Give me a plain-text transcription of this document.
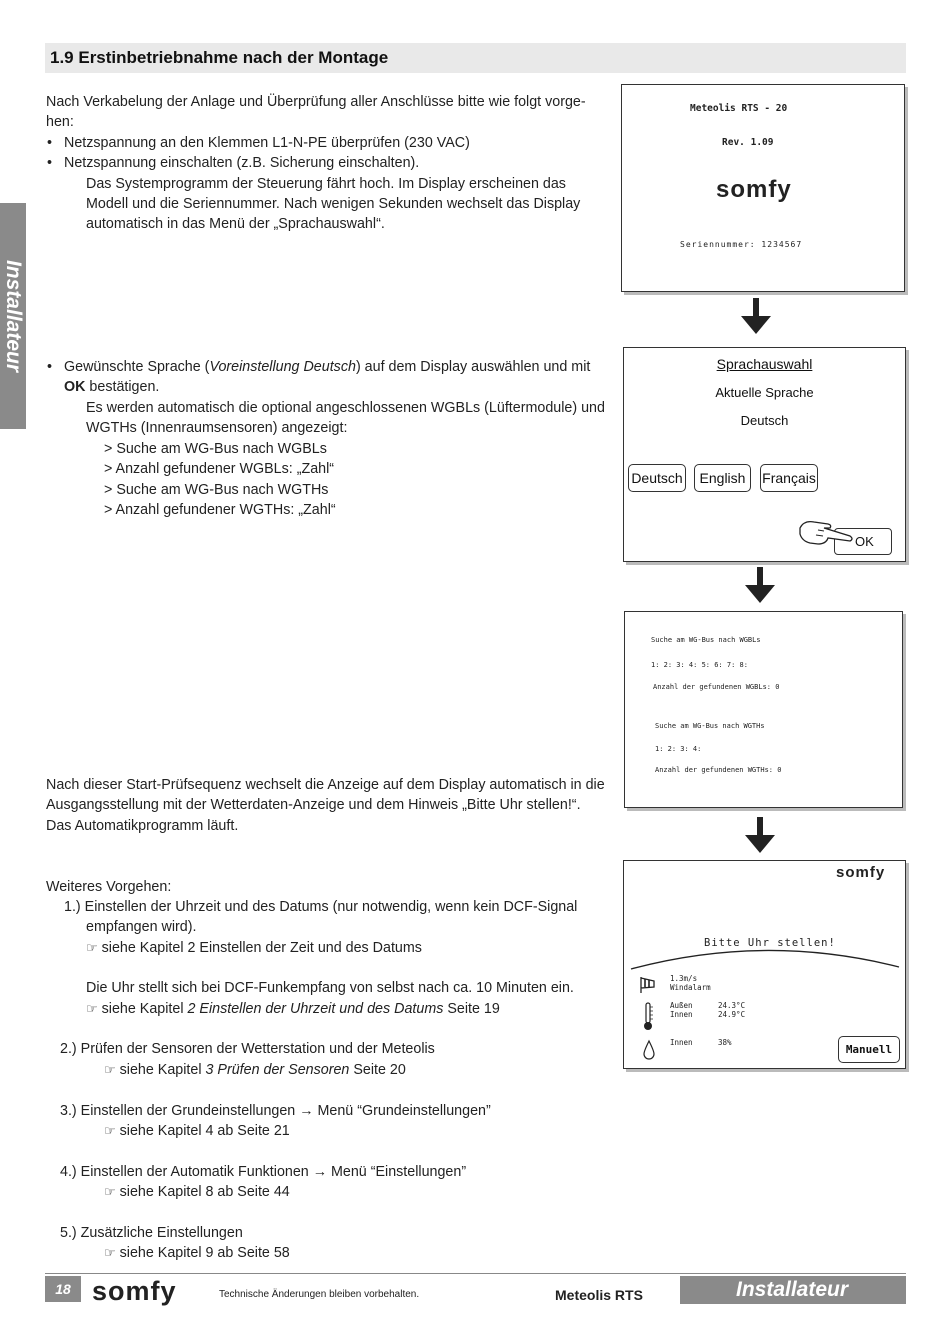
1.9 Erstinbetriebnahme nach der Montage
Installateur
Nach Verkabelung der Anlage und Überprüfung aller Anschlüsse bitte wie folgt vorge-
hen:
• Netzspannung an den Klemmen L1-N-PE überprüfen (230 VAC)
• Netzspannung einschalten (z.B. Sicherung einschalten).
Das Systemprogramm der Steuerung fährt hoch. Im Display erscheinen das
Modell und die Seriennummer. Nach wenigen Sekunden wechselt das Display
automatisch in das Menü der „Sprachauswahl“.
• Gewünschte Sprache (Voreinstellung Deutsch) auf dem Display auswählen und mit
OK bestätigen.
Es werden automatisch die optional angeschlossenen WGBLs (Lüftermodule) und
WGTHs (Innenraumsensoren) angezeigt:
> Suche am WG-Bus nach WGBLs
> Anzahl gefundener WGBLs: „Zahl“
> Suche am WG-Bus nach WGTHs
> Anzahl gefundener WGTHs: „Zahl“
Nach dieser Start-Prüfsequenz wechselt die Anzeige auf dem Display automatisch in die
Ausgangsstellung mit der Wetterdaten-Anzeige und dem Hinweis „Bitte Uhr stellen!“.
Das Automatikprogramm läuft.
Weiteres Vorgehen:
1.) Einstellen der Uhrzeit und des Datums (nur notwendig, wenn kein DCF-Signal
empfangen wird).
☞ siehe Kapitel 2 Einstellen der Zeit und des Datums
Die Uhr stellt sich bei DCF-Funkempfang von selbst nach ca. 10 Minuten ein.
☞ siehe Kapitel 2 Einstellen der Uhrzeit und des Datums Seite 19
2.) Prüfen der Sensoren der Wetterstation und der Meteolis
☞ siehe Kapitel 3 Prüfen der Sensoren Seite 20
3.) Einstellen der Grundeinstellungen → Menü “Grundeinstellungen”
☞ siehe Kapitel 4 ab Seite 21
4.) Einstellen der Automatik Funktionen → Menü “Einstellungen”
☞ siehe Kapitel 8 ab Seite 44
5.) Zusätzliche Einstellungen
☞ siehe Kapitel 9 ab Seite 58
Meteolis RTS - 20
Rev. 1.09
somfy
Seriennummer: 1234567
Sprachauswahl
Aktuelle Sprache
Deutsch
Deutsch	English	Français
OK
Suche am WG-Bus nach WGBLs
1: 2: 3: 4: 5: 6: 7: 8:
Anzahl der gefundenen WGBLs: 0
Suche am WG-Bus nach WGTHs
1: 2: 3: 4:
Anzahl der gefundenen WGTHs: 0
somfy
Bitte Uhr stellen!
1.3m/s
Windalarm
Außen	24.3°C
Innen	24.9°C
Innen	38%
Manuell
18 somfy	Technische Änderungen bleiben vorbehalten.	Meteolis RTS	Installateur
